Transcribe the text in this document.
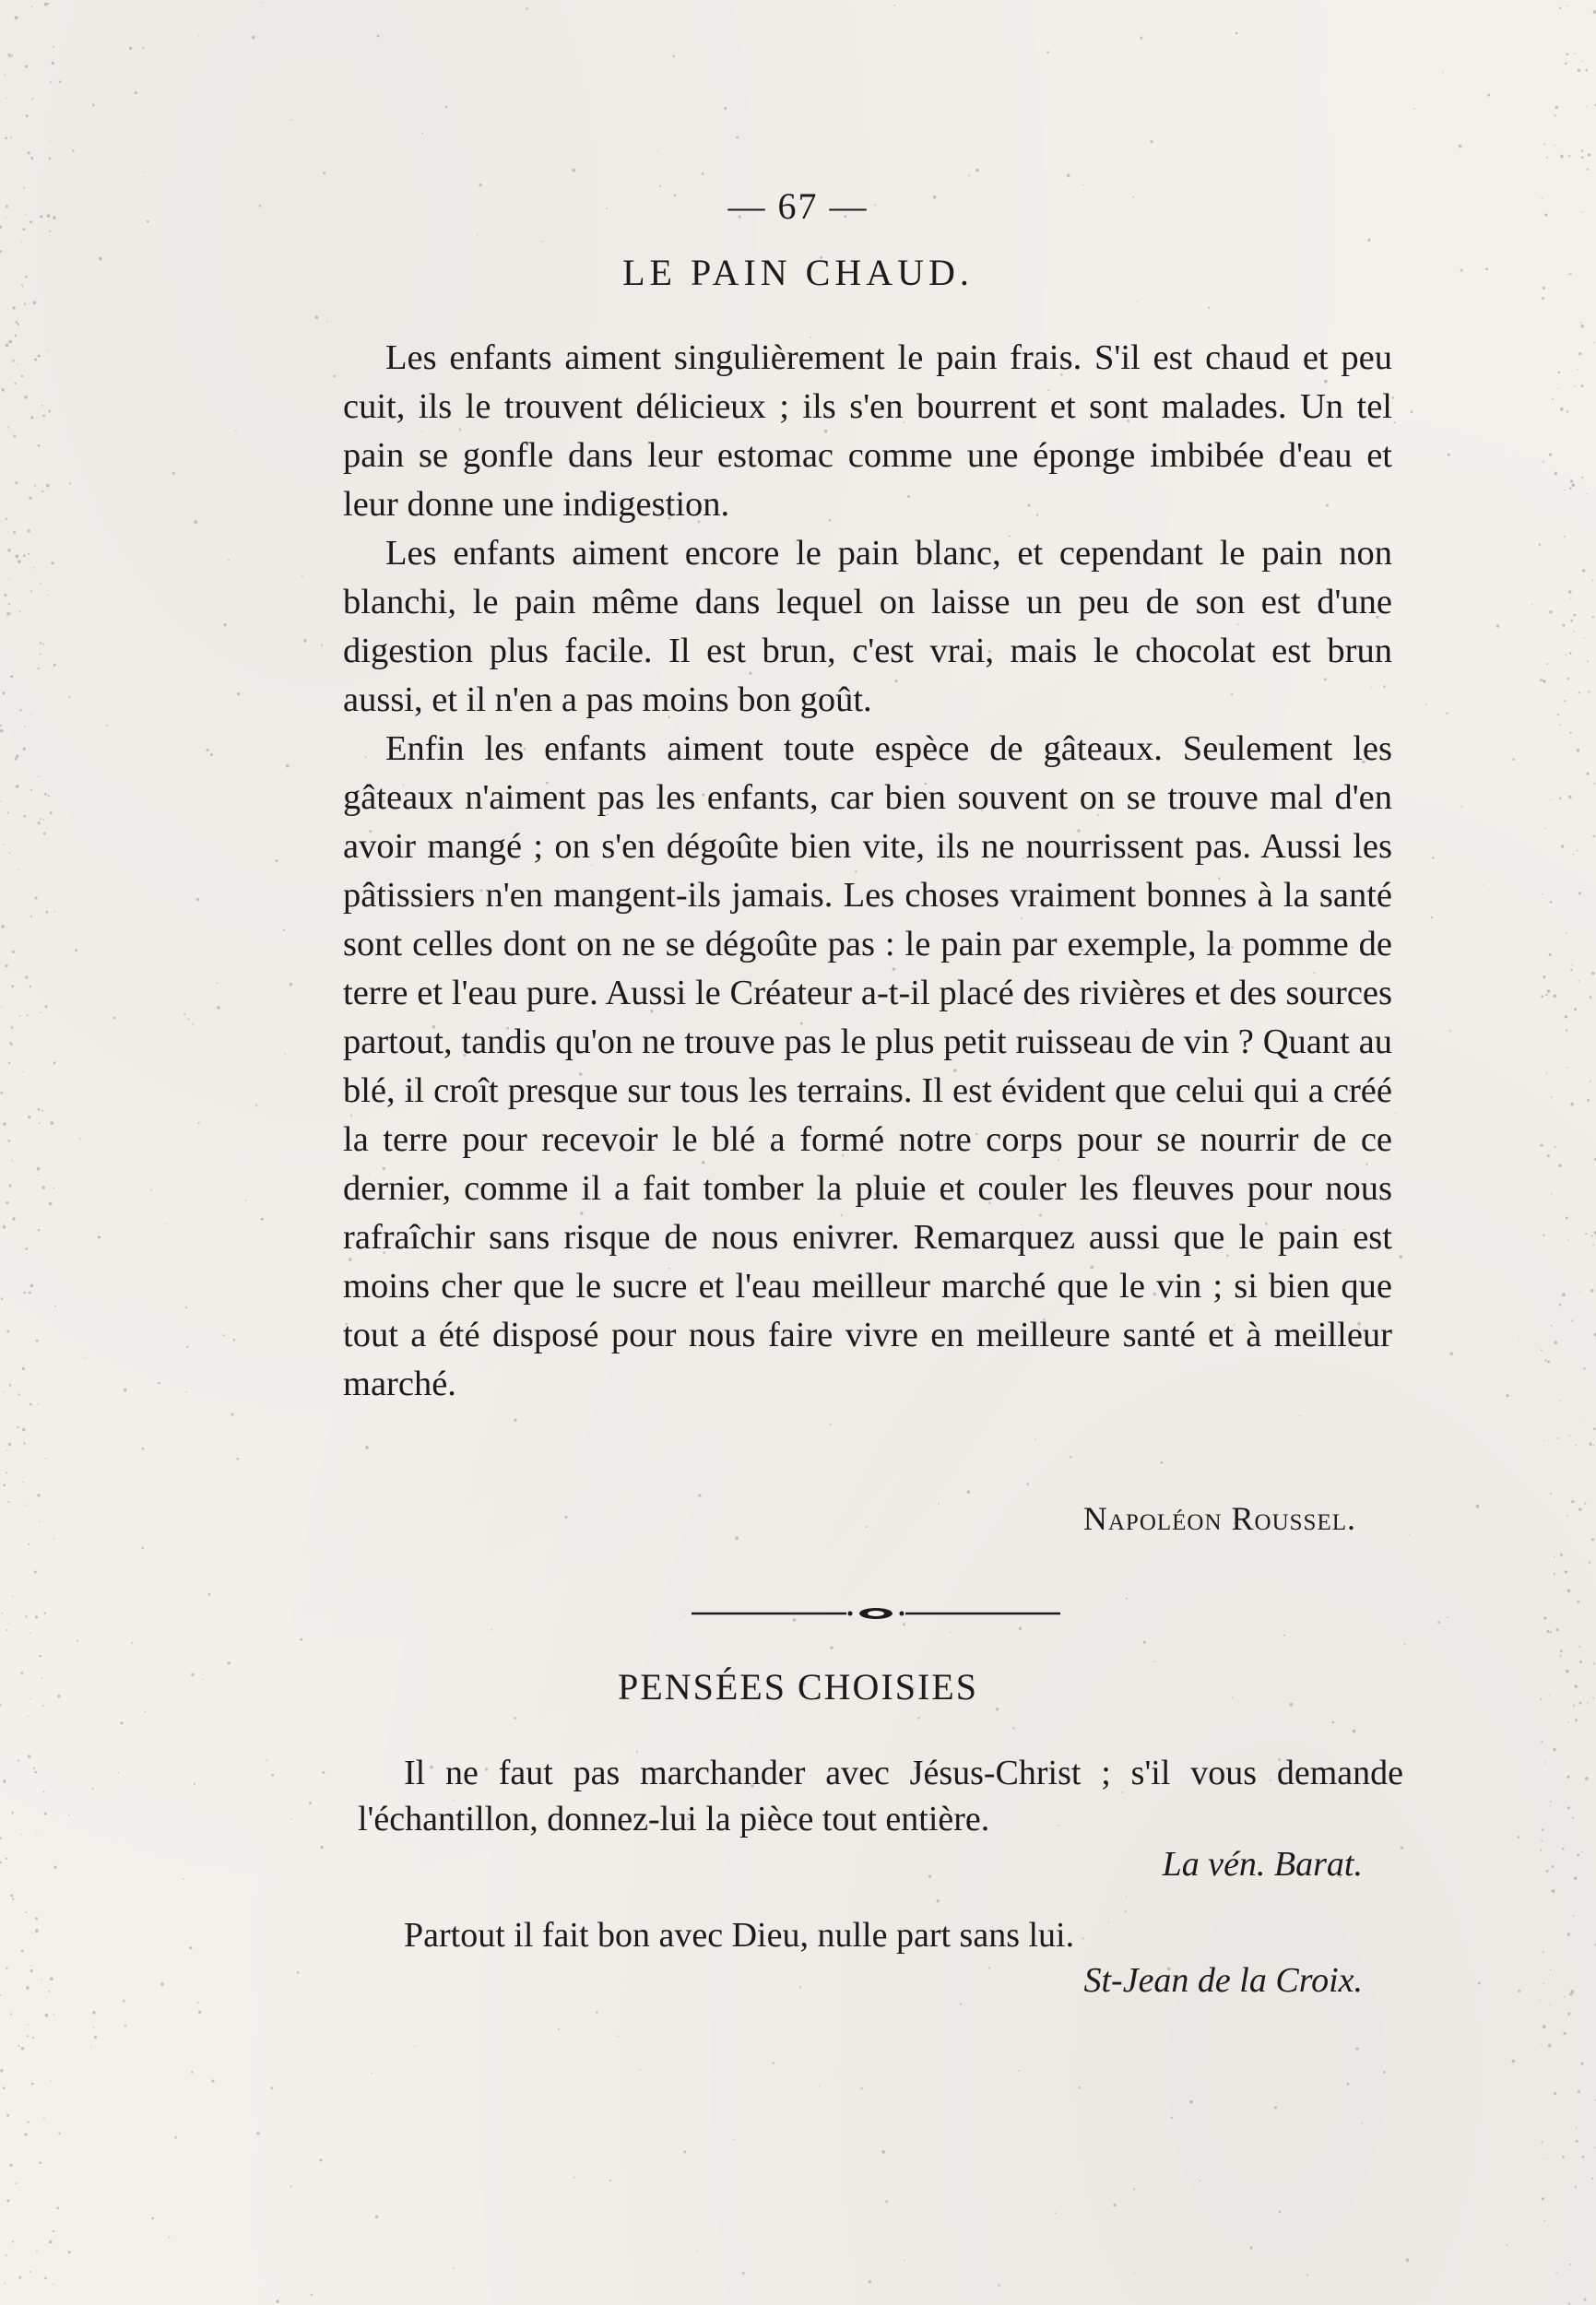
— 67 —
LE PAIN CHAUD.

Les enfants aiment singulièrement le pain frais. S'il est chaud et peu cuit, ils le trouvent délicieux ; ils s'en bourrent et sont malades. Un tel pain se gonfle dans leur estomac comme une éponge imbibée d'eau et leur donne une indigestion.

Les enfants aiment encore le pain blanc, et cependant le pain non blanchi, le pain même dans lequel on laisse un peu de son est d'une digestion plus facile. Il est brun, c'est vrai, mais le chocolat est brun aussi, et il n'en a pas moins bon goût.

Enfin les enfants aiment toute espèce de gâteaux. Seulement les gâteaux n'aiment pas les enfants, car bien souvent on se trouve mal d'en avoir mangé ; on s'en dégoûte bien vite, ils ne nourrissent pas. Aussi les pâtissiers n'en mangent-ils jamais. Les choses vraiment bonnes à la santé sont celles dont on ne se dégoûte pas : le pain par exemple, la pomme de terre et l'eau pure. Aussi le Créateur a-t-il placé des rivières et des sources partout, tandis qu'on ne trouve pas le plus petit ruisseau de vin ? Quant au blé, il croît presque sur tous les terrains. Il est évident que celui qui a créé la terre pour recevoir le blé a formé notre corps pour se nourrir de ce dernier, comme il a fait tomber la pluie et couler les fleuves pour nous rafraîchir sans risque de nous enivrer. Remarquez aussi que le pain est moins cher que le sucre et l'eau meilleur marché que le vin ; si bien que tout a été disposé pour nous faire vivre en meilleure santé et à meilleur marché.

Napoléon Roussel.
PENSÉES CHOISIES

Il ne faut pas marchander avec Jésus-Christ ; s'il vous demande l'échantillon, donnez-lui la pièce tout entière.

La vén. Barat.

Partout il fait bon avec Dieu, nulle part sans lui.

St-Jean de la Croix.
